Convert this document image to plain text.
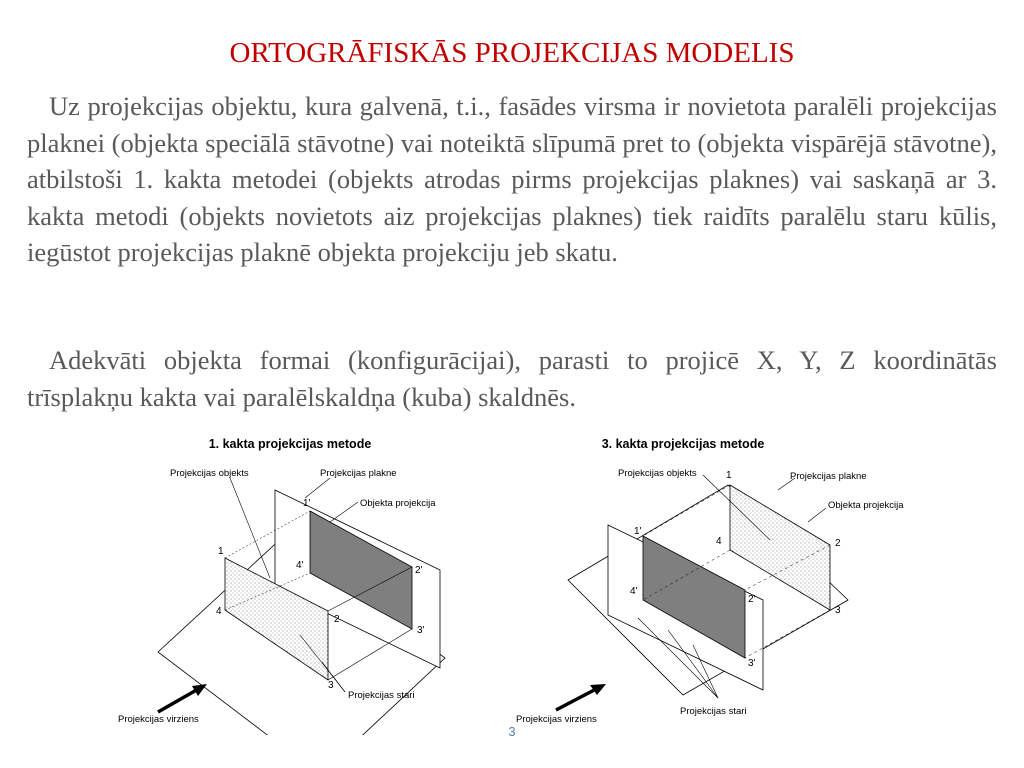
ORTOGRĀFISKĀS PROJEKCIJAS MODELIS

Uz projekcijas objektu, kura galvenā, t.i., fasādes virsma ir novietota paralēli projekcijas plaknei (objekta speciālā stāvotne) vai noteiktā slīpumā pret to (objekta vispārējā stāvotne), atbilstoši 1. kakta metodei (objekts atrodas pirms projekcijas plaknes) vai saskaņā ar 3. kakta metodi (objekts novietots aiz projekcijas plaknes) tiek raidīts paralēlu staru kūlis, iegūstot projekcijas plaknē objekta projekciju jeb skatu.

Adekvāti objekta formai (konfigurācijai), parasti to projicē X, Y, Z koordinātās trīsplakņu kakta vai paralēlskaldņa (kuba) skaldnēs.

1. kakta projekcijas metode
Projekcijas objekts	Projekcijas plakne
Objekta projekcija
Projekcijas stari
Projekcijas virziens
1
2
3
4
1'
2'
3'
4'
3. kakta projekcijas metode
Projekcijas objekts	Projekcijas plakne
Objekta projekcija
Projekcijas stari
Projekcijas virziens
1
2
3
4
1'
2'
3'
4'
3
